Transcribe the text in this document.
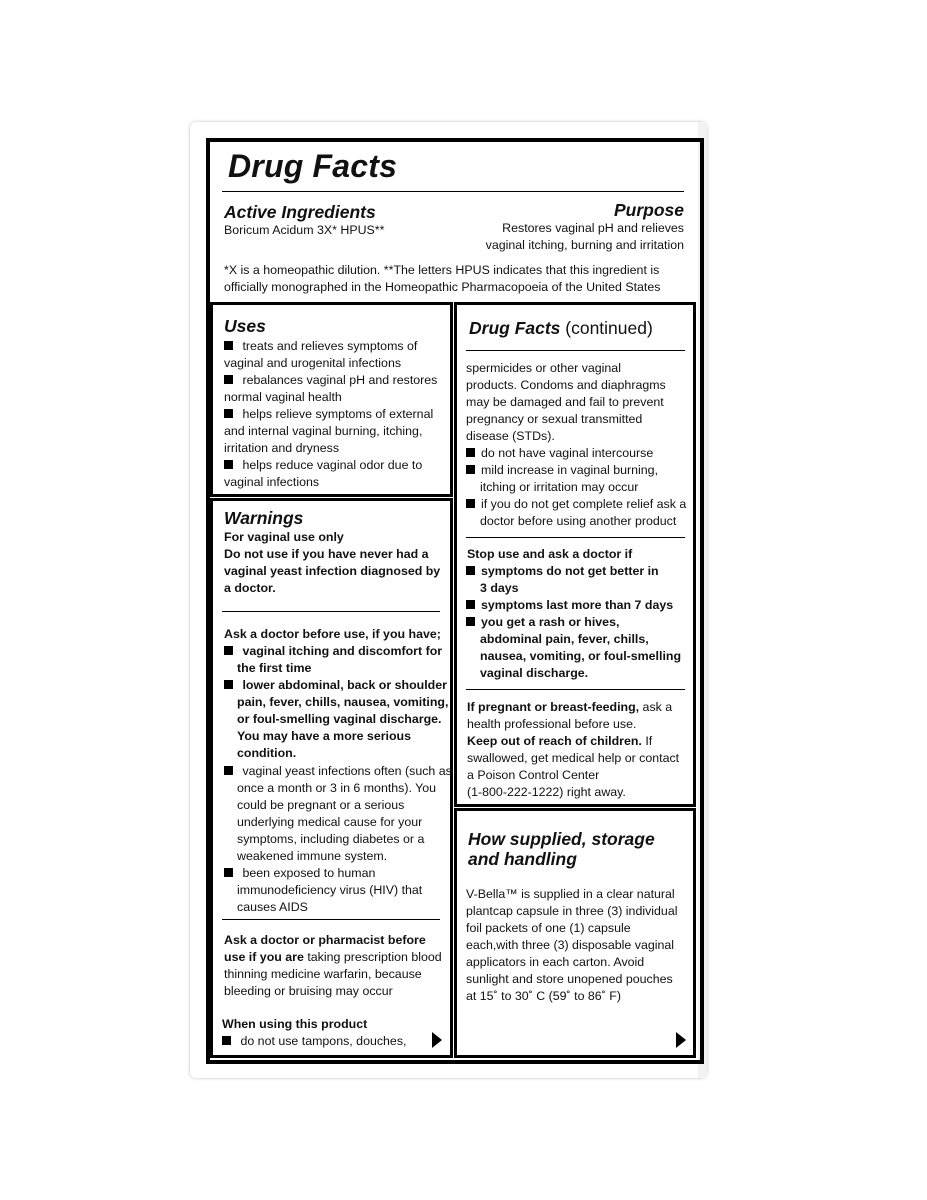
Drug Facts
Active Ingredients
Boricum Acidum 3X* HPUS**
Purpose
Restores vaginal pH and relieves
vaginal itching, burning and irritation
*X is a homeopathic dilution. **The letters HPUS indicates that this ingredient is
officially monographed in the Homeopathic Pharmacopoeia of the United States
Uses
treats and relieves symptoms of
vaginal and urogenital infections
rebalances vaginal pH and restores
normal vaginal health
helps relieve symptoms of external
and internal vaginal burning, itching,
irritation and dryness
helps reduce vaginal odor due to
vaginal infections
Warnings
For vaginal use only
Do not use if you have never had a
vaginal yeast infection diagnosed by
a doctor.
Ask a doctor before use, if you have;
vaginal itching and discomfort for
the first time
lower abdominal, back or shoulder
pain, fever, chills, nausea, vomiting,
or foul-smelling vaginal discharge.
You may have a more serious
condition.
vaginal yeast infections often (such as
once a month or 3 in 6 months). You
could be pregnant or a serious
underlying medical cause for your
symptoms, including diabetes or a
weakened immune system.
been exposed to human
immunodeficiency virus (HIV) that
causes AIDS
Ask a doctor or pharmacist before
use if you are taking prescription blood
thinning medicine warfarin, because
bleeding or bruising may occur
When using this product
do not use tampons, douches,
Drug Facts (continued)
spermicides or other vaginal
products. Condoms and diaphragms
may be damaged and fail to prevent
pregnancy or sexual transmitted
disease (STDs).
do not have vaginal intercourse
mild increase in vaginal burning,
itching or irritation may occur
if you do not get complete relief ask a
doctor before using another product
Stop use and ask a doctor if
symptoms do not get better in
3 days
symptoms last more than 7 days
you get a rash or hives,
abdominal pain, fever, chills,
nausea, vomiting, or foul-smelling
vaginal discharge.
If pregnant or breast-feeding, ask a
health professional before use.
Keep out of reach of children. If
swallowed, get medical help or contact
a Poison Control Center
(1-800-222-1222) right away.
How supplied, storage
and handling
V-Bella™ is supplied in a clear natural
plantcap capsule in three (3) individual
foil packets of one (1) capsule
each,with three (3) disposable vaginal
applicators in each carton. Avoid
sunlight and store unopened pouches
at 15˚ to 30˚ C (59˚ to 86˚ F)
